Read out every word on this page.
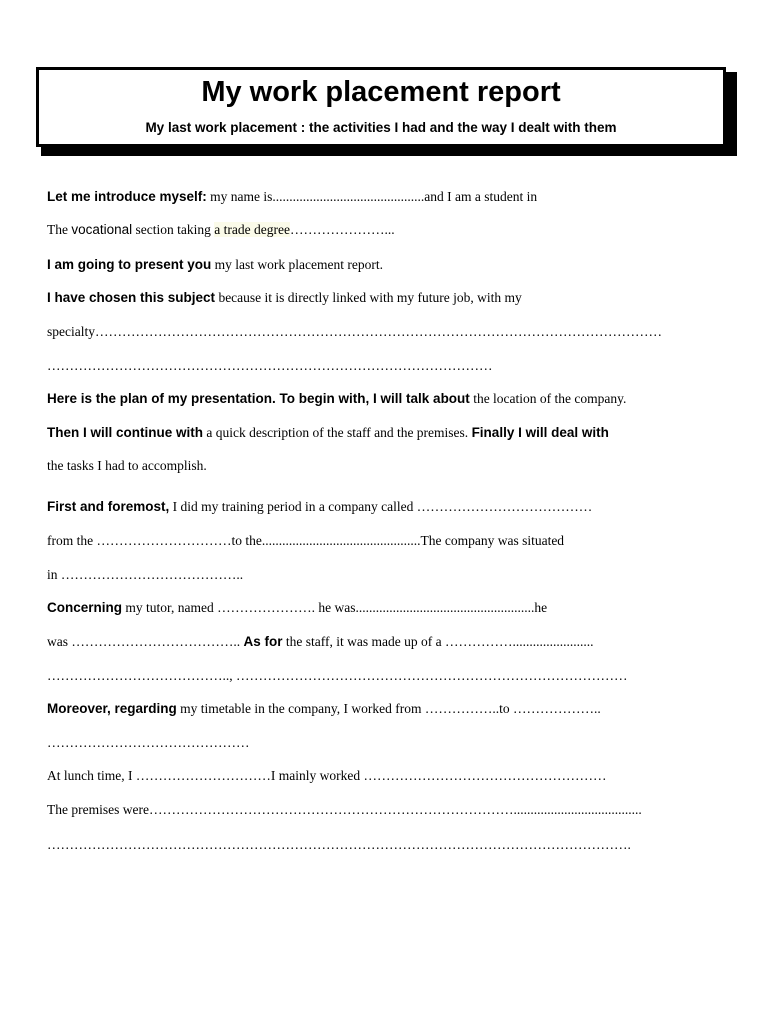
My work placement report
My last work placement : the activities I had and the way I dealt with them
Let me introduce myself: my name is.............................................and I am a student in
The vocational section taking a trade degree…………………...
I am going to present you my last work placement report.
I have chosen this subject because it is directly linked with my future job, with my
specialty………………………………………………………………………………………………………………
………………………………………………………………………………………
Here is the plan of my presentation. To begin with, I will talk about the location of the company.
Then I will continue with a quick description of the staff and the premises. Finally I will deal with
the tasks I had to accomplish.
First and foremost, I did my training period in a company called …………………………………
from the …………………………to the...............................................The company was situated
in …………………………………..
Concerning my tutor, named …………………. he was.....................................................he
was ……………………………….. As for the staff, it was made up of a ……………........................
………………………………….., ……………………………………………………………………………
Moreover, regarding my timetable in the company, I worked from ……………..to ………………..
………………………………………
At lunch time, I …………………………I mainly worked ………………………………………………
The premises were………………………………………………………………………......................................
………………………………………………………………………………………………………………….
